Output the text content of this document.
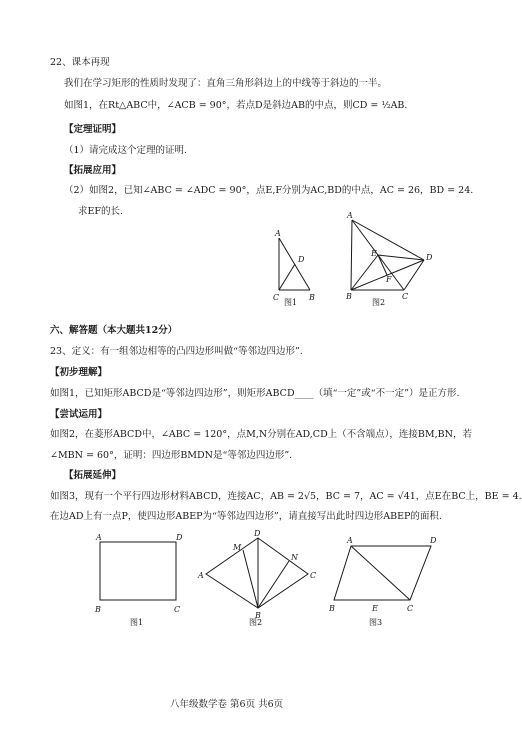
22、课本再现
我们在学习矩形的性质时发现了：直角三角形斜边上的中线等于斜边的一半。
如图1，在Rt△ABC中，∠ACB = 90°，若点D是斜边AB的中点，则CD = ½AB.
【定理证明】
（1）请完成这个定理的证明.
【拓展应用】
（2）如图2，已知∠ABC = ∠ADC = 90°，点E,F分别为AC,BD的中点，AC = 26，BD = 24.
求EF的长.
A
D
C	B
图1
A
D
E
F
B	C
图2
六、解答题（本大题共12分）
23、定义：有一组邻边相等的凸四边形叫做“等邻边四边形”.
【初步理解】
如图1，已知矩形ABCD是“等邻边四边形”，则矩形ABCD____（填“一定”或“不一定”）是正方形.
【尝试运用】
如图2，在菱形ABCD中，∠ABC = 120°，点M,N分别在AD,CD上（不含端点），连接BM,BN，若
∠MBN = 60°，证明：四边形BMDN是“等邻边四边形”.
【拓展延伸】
如图3，现有一个平行四边形材料ABCD，连接AC，AB = 2√5，BC = 7，AC = √41，点E在BC上，BE = 4.
在边AD上有一点P，使四边形ABEP为“等邻边四边形”，请直接写出此时四边形ABEP的面积.
A	D
B	C
图1
D
M
N
A	C
B
图2
A	D
B	E	C
图3
八年级数学卷 第6页 共6页
